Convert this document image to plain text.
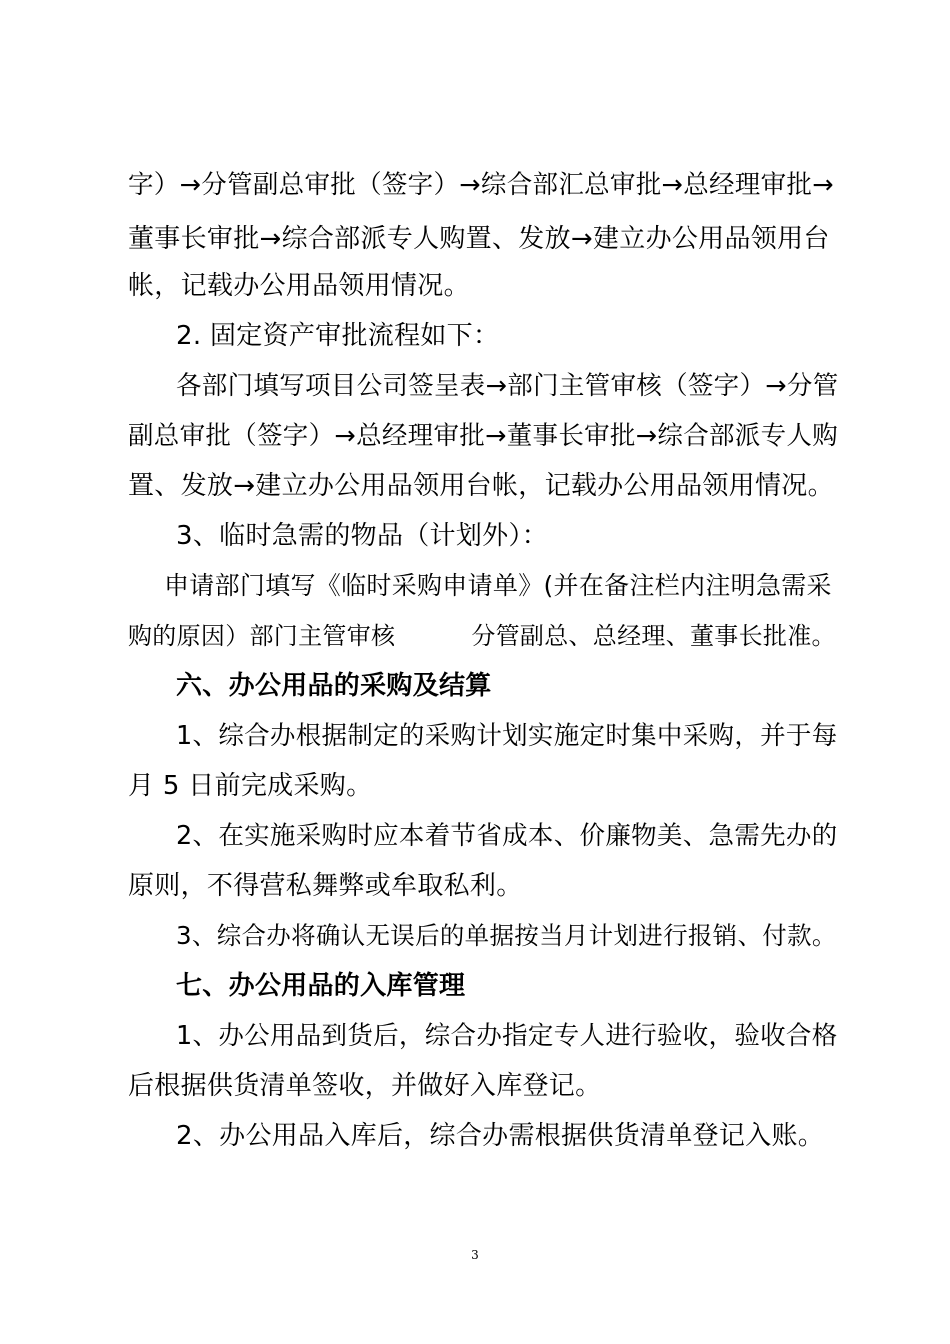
字）→分管副总审批（签字）→综合部汇总审批→总经理审批→
董事长审批→综合部派专人购置、发放→建立办公用品领用台
帐，记载办公用品领用情况。
2. 固定资产审批流程如下：
各部门填写项目公司签呈表→部门主管审核（签字）→分管
副总审批（签字）→总经理审批→董事长审批→综合部派专人购
置、发放→建立办公用品领用台帐，记载办公用品领用情况。
3、临时急需的物品（计划外）：
申请部门填写《临时采购申请单》(并在备注栏内注明急需采
购的原因）部门主管审核	分管副总、总经理、董事长批准。
六、办公用品的采购及结算
1、综合办根据制定的采购计划实施定时集中采购，并于每
月 5 日前完成采购。
2、在实施采购时应本着节省成本、价廉物美、急需先办的
原则，不得营私舞弊或牟取私利。
3、综合办将确认无误后的单据按当月计划进行报销、付款。
七、办公用品的入库管理
1、办公用品到货后，综合办指定专人进行验收，验收合格
后根据供货清单签收，并做好入库登记。
2、办公用品入库后，综合办需根据供货清单登记入账。
3
